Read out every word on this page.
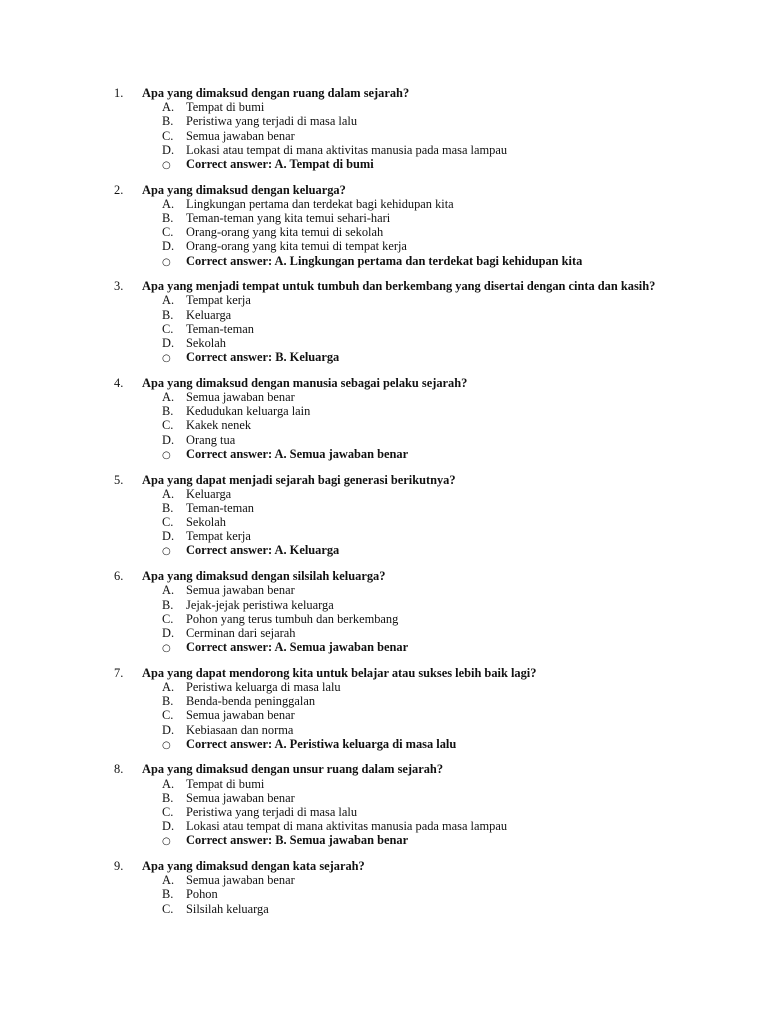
1.	Apa yang dimaksud dengan ruang dalam sejarah?
A. Tempat di bumi
B.	Peristiwa yang terjadi di masa lalu
C.	Semua jawaban benar
D. Lokasi atau tempat di mana aktivitas manusia pada masa lampau
○	Correct answer: A. Tempat di bumi
2.	Apa yang dimaksud dengan keluarga?
A. Lingkungan pertama dan terdekat bagi kehidupan kita
B.	Teman-teman yang kita temui sehari-hari
C.	Orang-orang yang kita temui di sekolah
D. Orang-orang yang kita temui di tempat kerja
○	Correct answer: A. Lingkungan pertama dan terdekat bagi kehidupan kita
3.	Apa yang menjadi tempat untuk tumbuh dan berkembang yang disertai dengan cinta dan kasih?
A. Tempat kerja
B.	Keluarga
C.	Teman-teman
D. Sekolah
○	Correct answer: B. Keluarga
4.	Apa yang dimaksud dengan manusia sebagai pelaku sejarah?
A. Semua jawaban benar
B.	Kedudukan keluarga lain
C.	Kakek nenek
D. Orang tua
○	Correct answer: A. Semua jawaban benar
5.	Apa yang dapat menjadi sejarah bagi generasi berikutnya?
A. Keluarga
B.	Teman-teman
C.	Sekolah
D. Tempat kerja
○	Correct answer: A. Keluarga
6.	Apa yang dimaksud dengan silsilah keluarga?
A. Semua jawaban benar
B.	Jejak-jejak peristiwa keluarga
C.	Pohon yang terus tumbuh dan berkembang
D. Cerminan dari sejarah
○	Correct answer: A. Semua jawaban benar
7.	Apa yang dapat mendorong kita untuk belajar atau sukses lebih baik lagi?
A. Peristiwa keluarga di masa lalu
B.	Benda-benda peninggalan
C.	Semua jawaban benar
D. Kebiasaan dan norma
○	Correct answer: A. Peristiwa keluarga di masa lalu
8.	Apa yang dimaksud dengan unsur ruang dalam sejarah?
A. Tempat di bumi
B.	Semua jawaban benar
C.	Peristiwa yang terjadi di masa lalu
D. Lokasi atau tempat di mana aktivitas manusia pada masa lampau
○	Correct answer: B. Semua jawaban benar
9.	Apa yang dimaksud dengan kata sejarah?
A. Semua jawaban benar
B.	Pohon
C.	Silsilah keluarga
